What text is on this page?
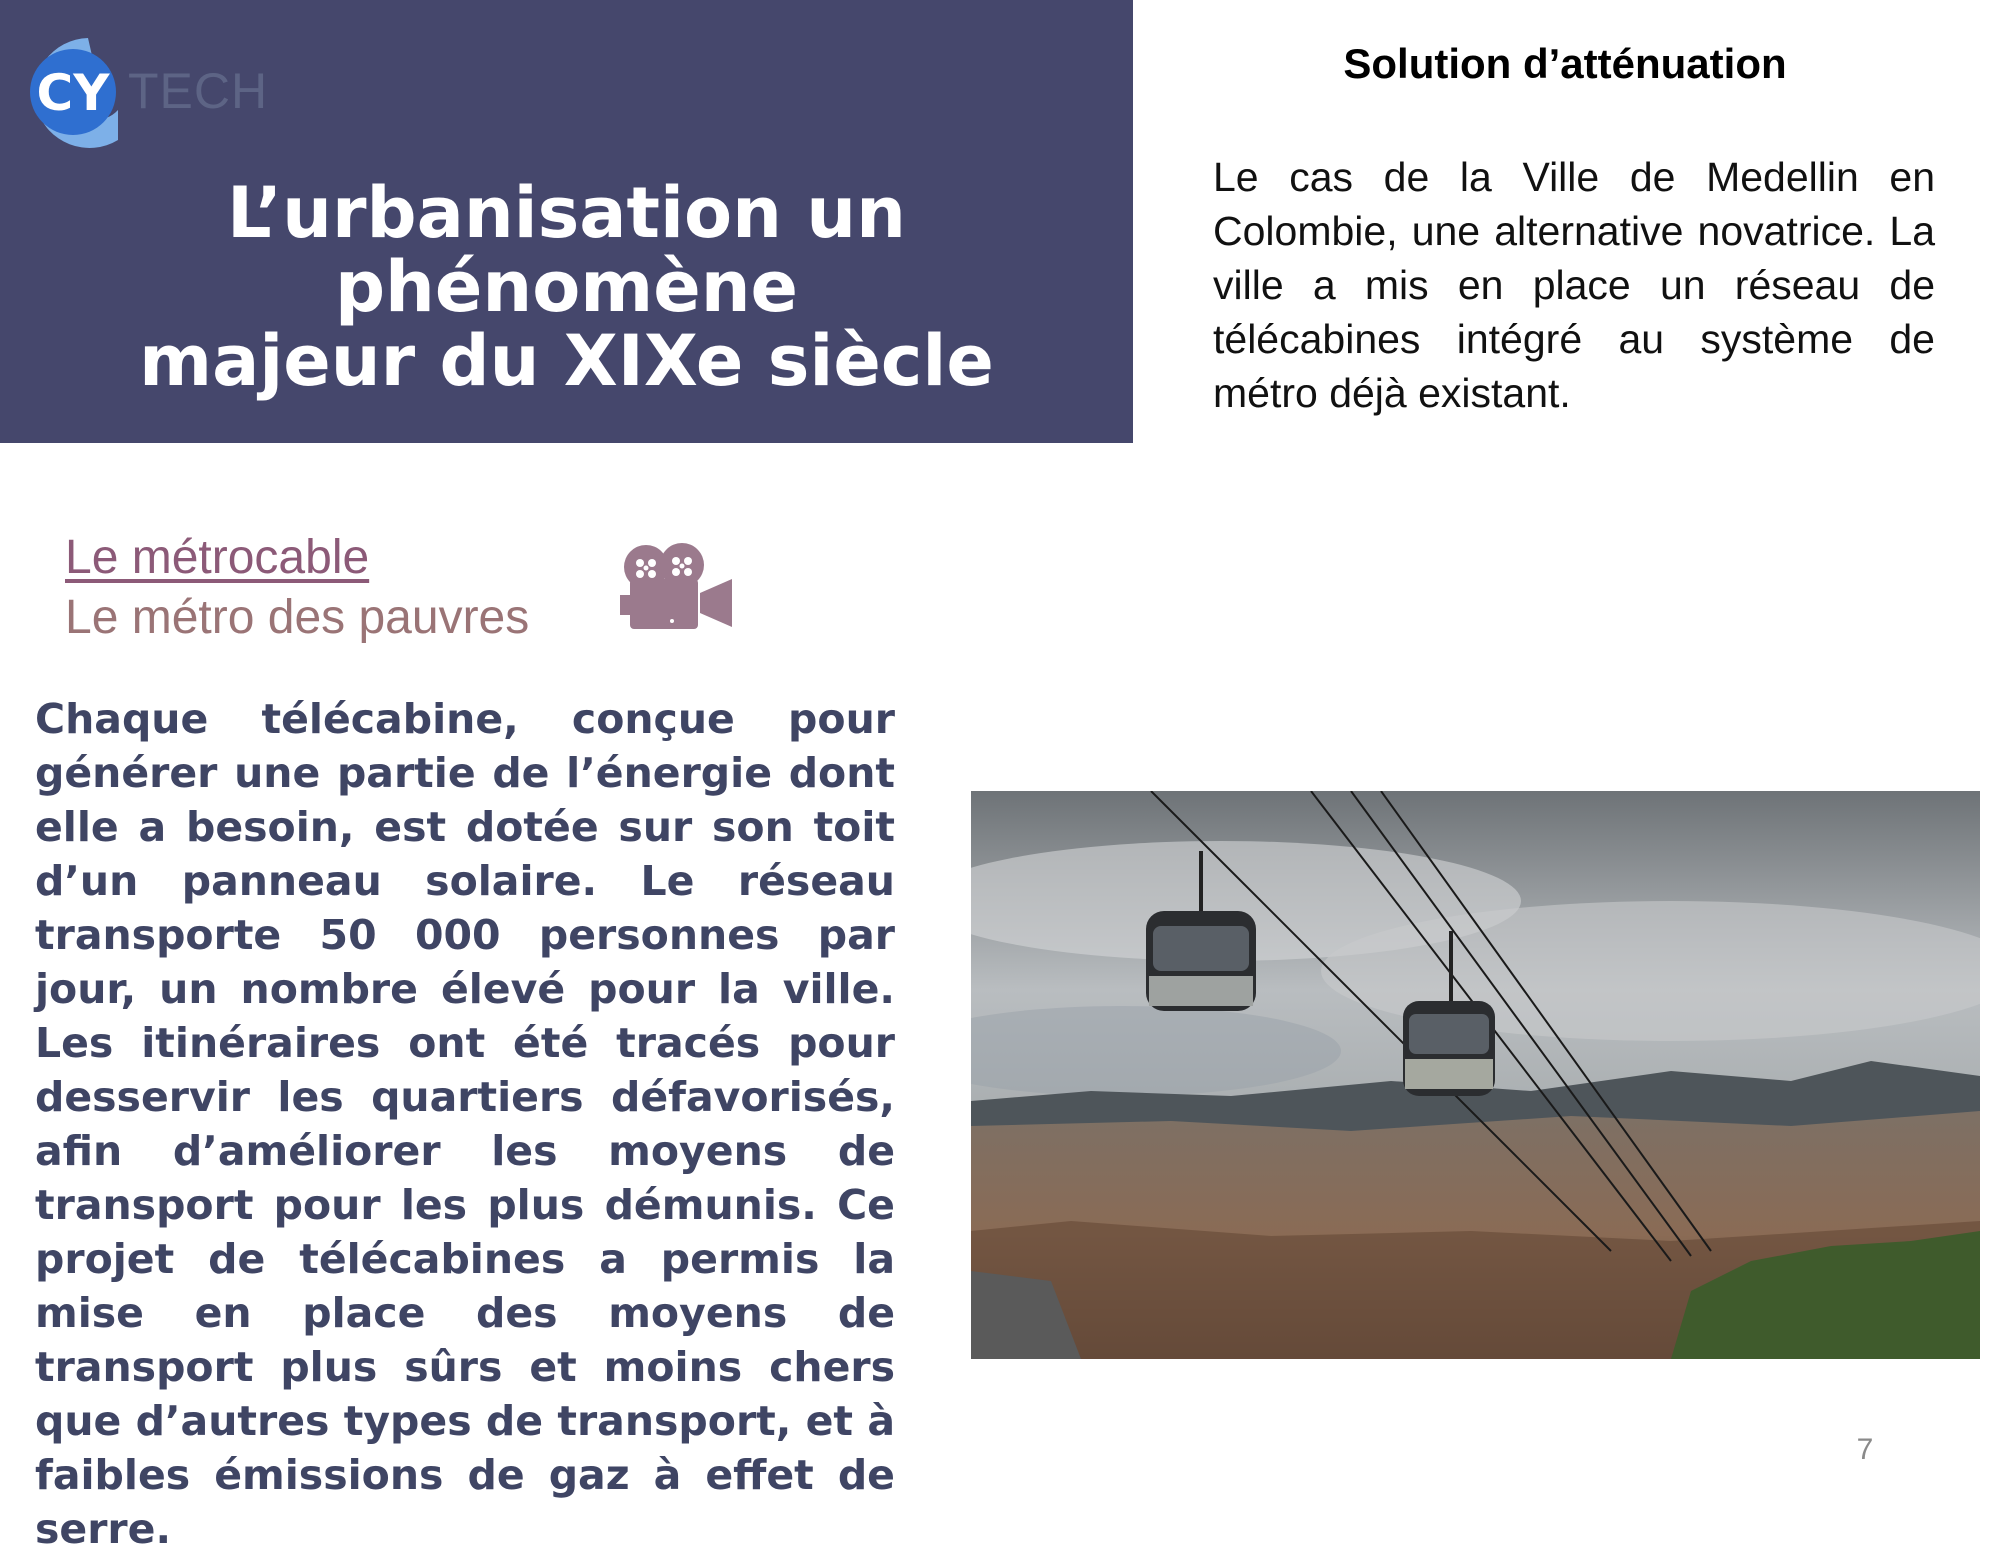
CY TECH
L’urbanisation un phénomène
majeur du XIXe siècle
Solution d’atténuation
Le cas de la Ville de Medellin en Colombie, une alternative novatrice. La ville a mis en place un réseau de télécabines intégré au système de métro déjà existant.
Le métrocable
Le métro des pauvres
Chaque télécabine, conçue pour générer une partie de l’énergie dont elle a besoin, est dotée sur son toit d’un panneau solaire. Le réseau transporte 50 000 personnes par jour, un nombre élevé pour la ville. Les itinéraires ont été tracés pour desservir les quartiers défavorisés, afin d’améliorer les moyens de transport pour les plus démunis. Ce projet de télécabines a permis la mise en place des moyens de transport plus sûrs et moins chers que d’autres types de transport, et à faibles émissions de gaz à effet de serre.
7
